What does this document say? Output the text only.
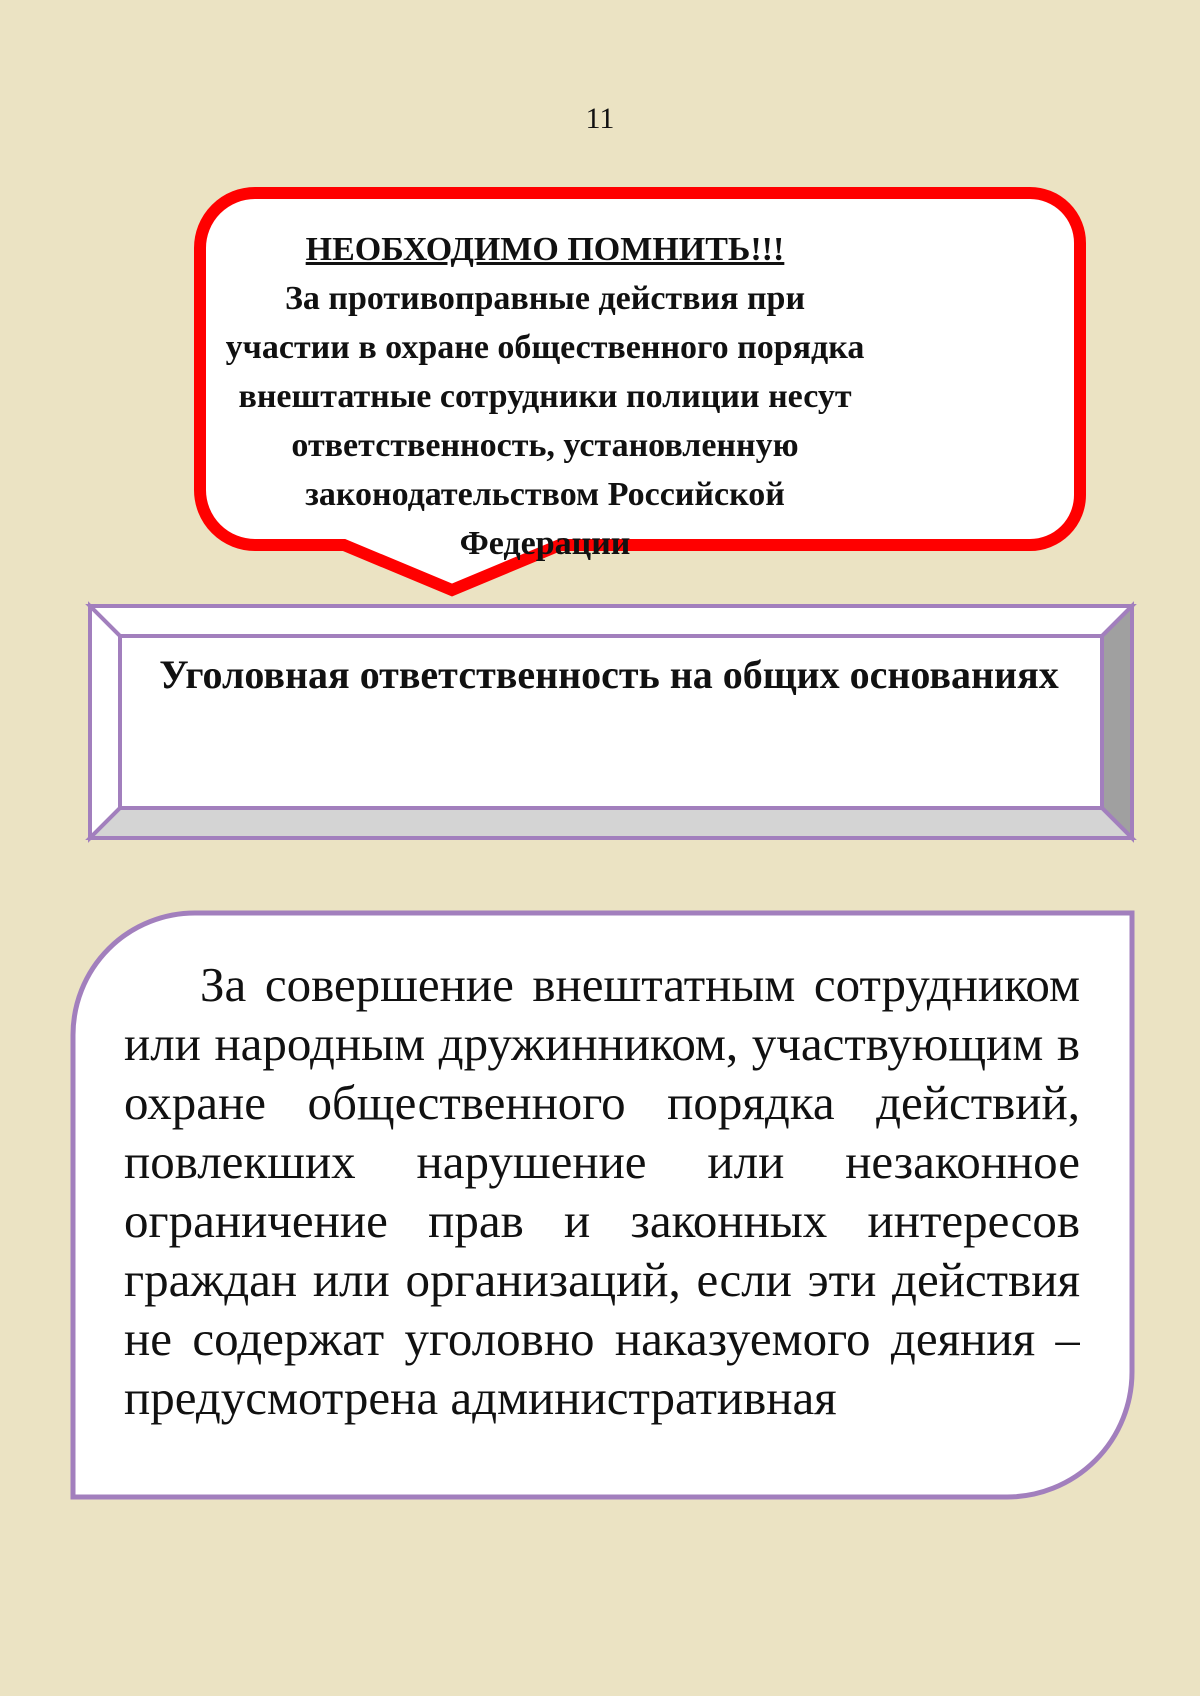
11
НЕОБХОДИМО ПОМНИТЬ!!!
За противоправные действия при участии в охране общественного порядка внештатные сотрудники полиции несут ответственность, установленную законодательством Российской Федерации
Уголовная ответственность на общих основаниях

За совершение внештатным сотрудником или народным дружинником, участвующим в охране общественного порядка действий, повлекших нарушение или незаконное ограничение прав и законных интересов граждан или организаций, если эти действия не содержат уголовно наказуемого деяния – предусмотрена административная
